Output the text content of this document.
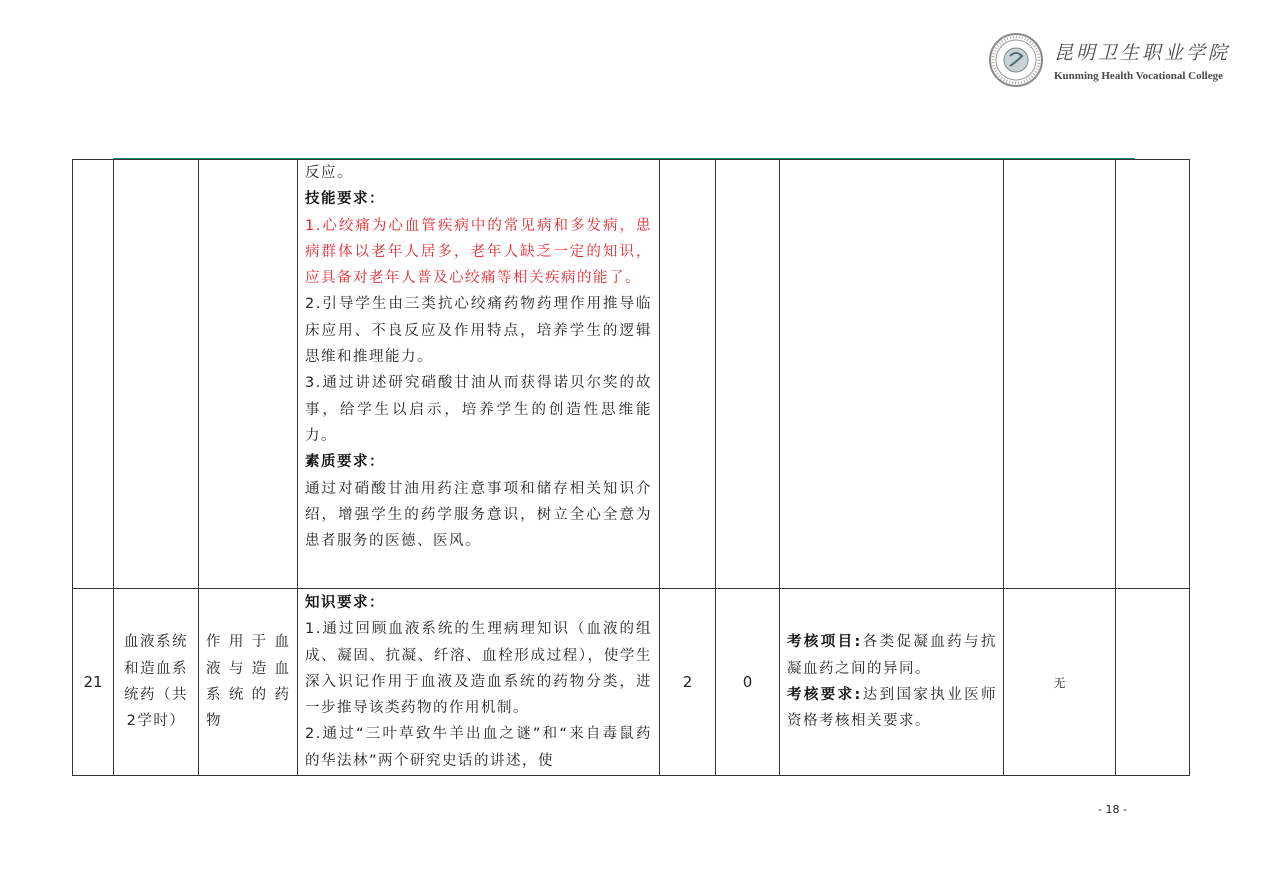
昆明卫生职业学院
Kunming Health Vocational College
反应。
技能要求：
1.心绞痛为心血管疾病中的常见病和多发病，患病群体以老年人居多，老年人缺乏一定的知识，应具备对老年人普及心绞痛等相关疾病的能了。
2.引导学生由三类抗心绞痛药物药理作用推导临床应用、不良反应及作用特点，培养学生的逻辑思维和推理能力。
3.通过讲述研究硝酸甘油从而获得诺贝尔奖的故事，给学生以启示，培养学生的创造性思维能力。
素质要求：
通过对硝酸甘油用药注意事项和储存相关知识介绍，增强学生的药学服务意识，树立全心全意为患者服务的医德、医风。
21
血液系统和造血系统药（共2学时）
作用于血液与造血系统的药物
知识要求：
1.通过回顾血液系统的生理病理知识（血液的组成、凝固、抗凝、纤溶、血栓形成过程），使学生深入识记作用于血液及造血系统的药物分类，进一步推导该类药物的作用机制。
2.通过“三叶草致牛羊出血之谜”和“来自毒鼠药的华法林”两个研究史话的讲述，使
2	0
考核项目:各类促凝血药与抗凝血药之间的异同。
考核要求:达到国家执业医师资格考核相关要求。
无
- 18 -
